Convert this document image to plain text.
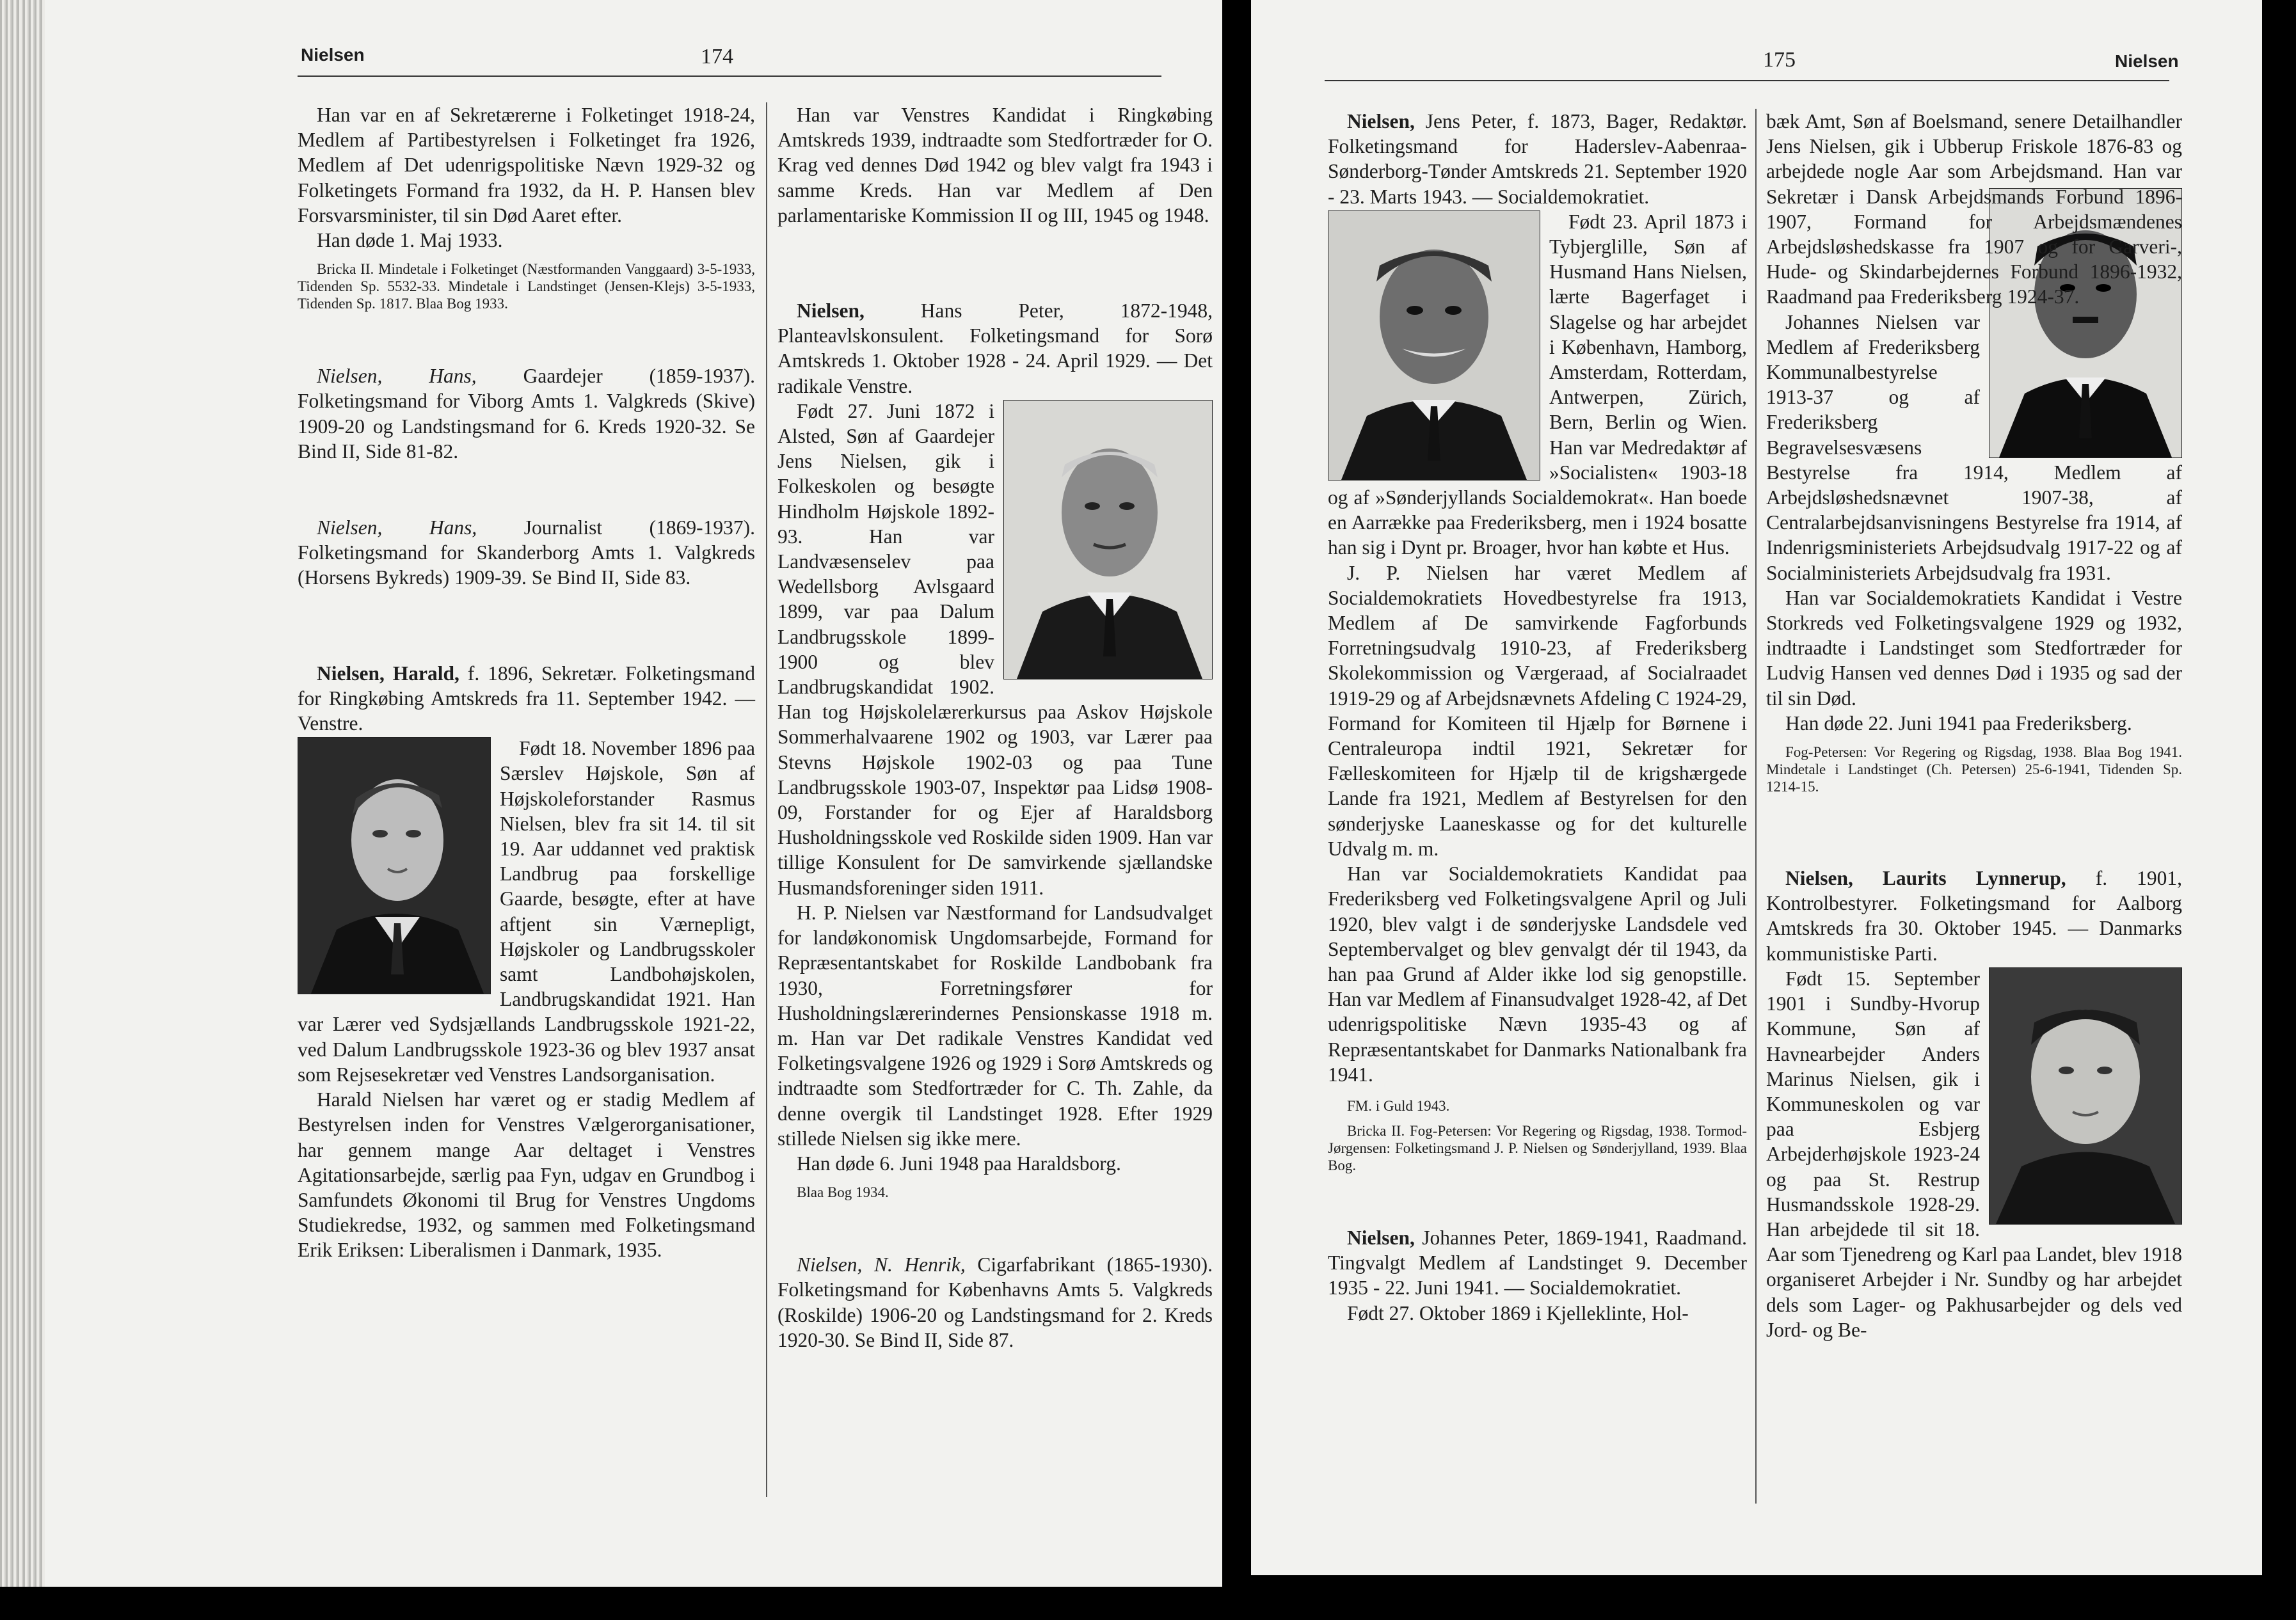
Nielsen	174

Han var en af Sekretærerne i Folketinget 1918-24, Medlem af Partibestyrelsen i Folketinget fra 1926, Medlem af Det udenrigspolitiske Nævn 1929-32 og Folketingets Formand fra 1932, da H. P. Hansen blev Forsvarsminister, til sin Død Aaret efter.

Han døde 1. Maj 1933.

Bricka II. Mindetale i Folketinget (Næstformanden Vanggaard) 3-5-1933, Tidenden Sp. 5532-33. Mindetale i Landstinget (Jensen-Klejs) 3-5-1933, Tidenden Sp. 1817. Blaa Bog 1933.

Nielsen, Hans, Gaardejer (1859-1937). Folketingsmand for Viborg Amts 1. Valgkreds (Skive) 1909-20 og Landstingsmand for 6. Kreds 1920-32. Se Bind II, Side 81-82.

Nielsen, Hans, Journalist (1869-1937). Folketingsmand for Skanderborg Amts 1. Valgkreds (Horsens Bykreds) 1909-39. Se Bind II, Side 83.

Nielsen, Harald, f. 1896, Sekretær. Folketingsmand for Ringkøbing Amtskreds fra 11. September 1942. — Venstre.

Født 18. November 1896 paa Særslev Højskole, Søn af Højskoleforstander Rasmus Nielsen, blev fra sit 14. til sit 19. Aar uddannet ved praktisk Landbrug paa forskellige Gaarde, besøgte, efter at have aftjent sin Værnepligt, Højskoler og Landbrugsskoler samt Landbohøjskolen, Landbrugskandidat 1921. Han var Lærer ved Sydsjællands Landbrugsskole 1921-22, ved Dalum Landbrugsskole 1923-36 og blev 1937 ansat som Rejsesekretær ved Venstres Landsorganisation.

Harald Nielsen har været og er stadig Medlem af Bestyrelsen inden for Venstres Vælgerorganisationer, har gennem mange Aar deltaget i Venstres Agitationsarbejde, særlig paa Fyn, udgav en Grundbog i Samfundets Økonomi til Brug for Venstres Ungdoms Studiekredse, 1932, og sammen med Folketingsmand Erik Eriksen: Liberalismen i Danmark, 1935.

Han var Venstres Kandidat i Ringkøbing Amtskreds 1939, indtraadte som Stedfortræder for O. Krag ved dennes Død 1942 og blev valgt fra 1943 i samme Kreds. Han var Medlem af Den parlamentariske Kommission II og III, 1945 og 1948.

Nielsen, Hans Peter, 1872-1948, Planteavlskonsulent. Folketingsmand for Sorø Amtskreds 1. Oktober 1928 - 24. April 1929. — Det radikale Venstre.

Født 27. Juni 1872 i Alsted, Søn af Gaardejer Jens Nielsen, gik i Folkeskolen og besøgte Hindholm Højskole 1892-93. Han var Landvæsenselev paa Wedellsborg Avlsgaard 1899, var paa Dalum Landbrugsskole 1899-1900 og blev Landbrugskandidat 1902. Han tog Højskolelærerkursus paa Askov Højskole Sommerhalvaarene 1902 og 1903, var Lærer paa Stevns Højskole 1902-03 og paa Tune Landbrugsskole 1903-07, Inspektør paa Lidsø 1908-09, Forstander for og Ejer af Haraldsborg Husholdningsskole ved Roskilde siden 1909. Han var tillige Konsulent for De samvirkende sjællandske Husmandsforeninger siden 1911.

H. P. Nielsen var Næstformand for Landsudvalget for landøkonomisk Ungdomsarbejde, Formand for Repræsentantskabet for Roskilde Landbobank fra 1930, Forretningsfører for Husholdningslærerindernes Pensionskasse 1918 m. m. Han var Det radikale Venstres Kandidat ved Folketingsvalgene 1926 og 1929 i Sorø Amtskreds og indtraadte som Stedfortræder for C. Th. Zahle, da denne overgik til Landstinget 1928. Efter 1929 stillede Nielsen sig ikke mere.

Han døde 6. Juni 1948 paa Haraldsborg.

Blaa Bog 1934.

Nielsen, N. Henrik, Cigarfabrikant (1865-1930). Folketingsmand for Københavns Amts 5. Valgkreds (Roskilde) 1906-20 og Landstingsmand for 2. Kreds 1920-30. Se Bind II, Side 87.

175	Nielsen

Nielsen, Jens Peter, f. 1873, Bager, Redaktør. Folketingsmand for Haderslev-Aabenraa-Sønderborg-Tønder Amtskreds 21. September 1920 - 23. Marts 1943. — Socialdemokratiet.

Født 23. April 1873 i Tybjerglille, Søn af Husmand Hans Nielsen, lærte Bagerfaget i Slagelse og har arbejdet i København, Hamborg, Amsterdam, Rotterdam, Antwerpen, Zürich, Bern, Berlin og Wien. Han var Medredaktør af »Socialisten« 1903-18 og af »Sønderjyllands Socialdemokrat«. Han boede en Aarrække paa Frederiksberg, men i 1924 bosatte han sig i Dynt pr. Broager, hvor han købte et Hus.

J. P. Nielsen har været Medlem af Socialdemokratiets Hovedbestyrelse fra 1913, Medlem af De samvirkende Fagforbunds Forretningsudvalg 1910-23, af Frederiksberg Skolekommission og Værgeraad, af Socialraadet 1919-29 og af Arbejdsnævnets Afdeling C 1924-29, Formand for Komiteen til Hjælp for Børnene i Centraleuropa indtil 1921, Sekretær for Fælleskomiteen for Hjælp til de krigshærgede Lande fra 1921, Medlem af Bestyrelsen for den sønderjyske Laaneskasse og for det kulturelle Udvalg m. m.

Han var Socialdemokratiets Kandidat paa Frederiksberg ved Folketingsvalgene April og Juli 1920, blev valgt i de sønderjyske Landsdele ved Septembervalget og blev genvalgt dér til 1943, da han paa Grund af Alder ikke lod sig genopstille. Han var Medlem af Finansudvalget 1928-42, af Det udenrigspolitiske Nævn 1935-43 og af Repræsentantskabet for Danmarks Nationalbank fra 1941.

FM. i Guld 1943.

Bricka II. Fog-Petersen: Vor Regering og Rigsdag, 1938. Tormod-Jørgensen: Folketingsmand J. P. Nielsen og Sønderjylland, 1939. Blaa Bog.

Nielsen, Johannes Peter, 1869-1941, Raadmand. Tingvalgt Medlem af Landstinget 9. December 1935 - 22. Juni 1941. — Socialdemokratiet.

Født 27. Oktober 1869 i Kjelleklinte, Hol-

bæk Amt, Søn af Boelsmand, senere Detailhandler Jens Nielsen, gik i Ubberup Friskole 1876-83 og arbejdede nogle Aar som Arbejdsmand. Han var Sekretær i Dansk Arbejdsmands Forbund 1896-1907, Formand for Arbejdsmændenes Arbejdsløshedskasse fra 1907 og for Garveri-, Hude- og Skindarbejdernes Forbund 1896-1932, Raadmand paa Frederiksberg 1924-37.

Johannes Nielsen var Medlem af Frederiksberg Kommunalbestyrelse 1913-37 og af Frederiksberg Begravelsesvæsens Bestyrelse fra 1914, Medlem af Arbejdsløshedsnævnet 1907-38, af Centralarbejdsanvisningens Bestyrelse fra 1914, af Indenrigsministeriets Arbejdsudvalg 1917-22 og af Socialministeriets Arbejdsudvalg fra 1931.

Han var Socialdemokratiets Kandidat i Vestre Storkreds ved Folketingsvalgene 1929 og 1932, indtraadte i Landstinget som Stedfortræder for Ludvig Hansen ved dennes Død i 1935 og sad der til sin Død.

Han døde 22. Juni 1941 paa Frederiksberg.

Fog-Petersen: Vor Regering og Rigsdag, 1938. Blaa Bog 1941. Mindetale i Landstinget (Ch. Petersen) 25-6-1941, Tidenden Sp. 1214-15.

Nielsen, Laurits Lynnerup, f. 1901, Kontrolbestyrer. Folketingsmand for Aalborg Amtskreds fra 30. Oktober 1945. — Danmarks kommunistiske Parti.

Født 15. September 1901 i Sundby-Hvorup Kommune, Søn af Havnearbejder Anders Marinus Nielsen, gik i Kommuneskolen og var paa Esbjerg Arbejderhøjskole 1923-24 og paa St. Restrup Husmandsskole 1928-29. Han arbejdede til sit 18. Aar som Tjenedreng og Karl paa Landet, blev 1918 organiseret Arbejder i Nr. Sundby og har arbejdet dels som Lager- og Pakhusarbejder og dels ved Jord- og Be-
